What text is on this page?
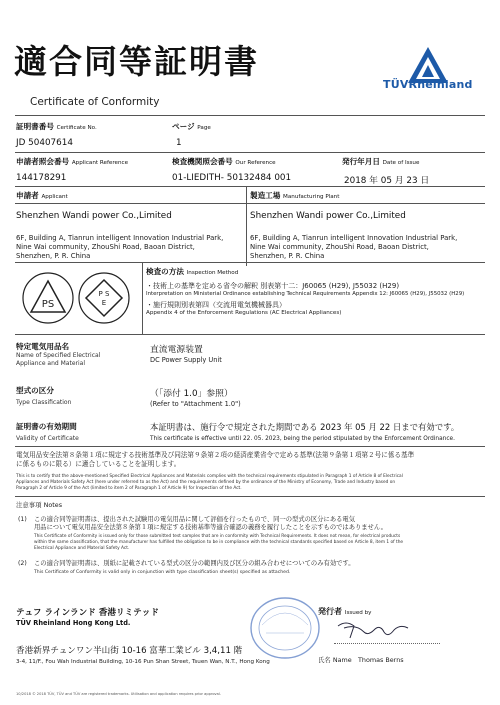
適合同等証明書
Certificate of Conformity
TÜVRheinland
証明書番号 Certificate No.
JD 50407614
ページ Page
1
申請者照会番号 Applicant Reference
144178291
検査機関照会番号 Our Reference
01-LIEDITH- 50132484 001
発行年月日 Date of Issue
2018 年 05 月 23 日
申請者 Applicant	製造工場 Manufacturing Plant
Shenzhen Wandi power Co.,Limited
6F, Building A, Tianrun intelligent Innovation Industrial Park,
Nine Wai community, ZhouShi Road, Baoan District,
Shenzhen, P. R. China
Shenzhen Wandi power Co.,Limited
6F, Building A, Tianrun intelligent Innovation Industrial Park,
Nine Wai community, ZhouShi Road, Baoan District,
Shenzhen, P. R. China
PS
P S
E
検査の方法 Inspection Method
・技術上の基準を定める省令の解釈 別表第十二：J60065 (H29), J55032 (H29)
Interpretation on Ministerial Ordinance establishing Technical Requirements Appendix 12: J60065 (H29), J55032 (H29)
・施行規則別表第四（交流用電気機械器具）
Appendix 4 of the Enforcement Regulations (AC Electrical Appliances)
特定電気用品名
Name of Specified Electrical
Appliance and Material
直流電源装置
DC Power Supply Unit
型式の区分
Type Classification
（「添付 1.0」参照）
(Refer to "Attachment 1.0")
証明書の有効期間
Validity of Certificate
本証明書は、施行令で規定された期間である 2023 年 05 月 22 日まで有効です。
This certificate is effective until 22. 05. 2023, being the period stipulated by the Enforcement Ordinance.
電気用品安全法第８条第１項に規定する技術基準及び同法第９条第２項の経済産業省令で定める基準(法第９条第１項第２号に係る基準
に係るものに限る）に適合していることを証明します。
This is to certify that the above-mentioned Specified Electrical Appliances and Materials complies with the technical requirements stipulated in Paragraph 1 of Article 8 of Electrical
Appliances and Materials Safety Act (here under referred to as the Act) and the requirements defined by the ordinance of the Ministry of Economy, Trade and Industry based on
Paragraph 2 of Article 9 of the Act (limited to item 2 of Paragraph 1 of Article 9) for Inspection of the Act.
注意事項 Notes
(1) この適合同等証明書は、提出された試験用の電気用品に関して評価を行ったもので、同一の型式の区分にある電気
用品について電気用品安全法第８条第１項に規定する技術基準等適合確認の義務を履行したことを示すものではありません。
This Certificate of Conformity is issued only for those submitted test samples that are in conformity with Technical Requirements. It does not mean, for electrical products
within the same classification, that the manufacturer has fulfilled the obligation to be in compliance with the technical standards specified based on Article 8, item 1 of the
Electrical Appliance and Material Safety Act.
(2) この適合同等証明書は、別紙に記載されている型式の区分の範囲内及び区分の組み合わせについてのみ有効です。
This Certificate of Conformity is valid only in conjunction with type classification sheet(s) specified as attached.
テュフ ラインランド 香港リミテッド
TÜV Rheinland Hong Kong Ltd.
香港新界チュンワン半山街 10-16 富華工業ビル 3,4,11 階
3-4, 11/F., Fou Wah Industrial Building, 10-16 Pun Shan Street, Tsuen Wan, N.T., Hong Kong
発行者 Issued by
氏名 Name Thomas Berns
10/2018 © 2018 TÜV, TÜV and TÜV are registered trademarks. Utilisation and application requires prior approval.
